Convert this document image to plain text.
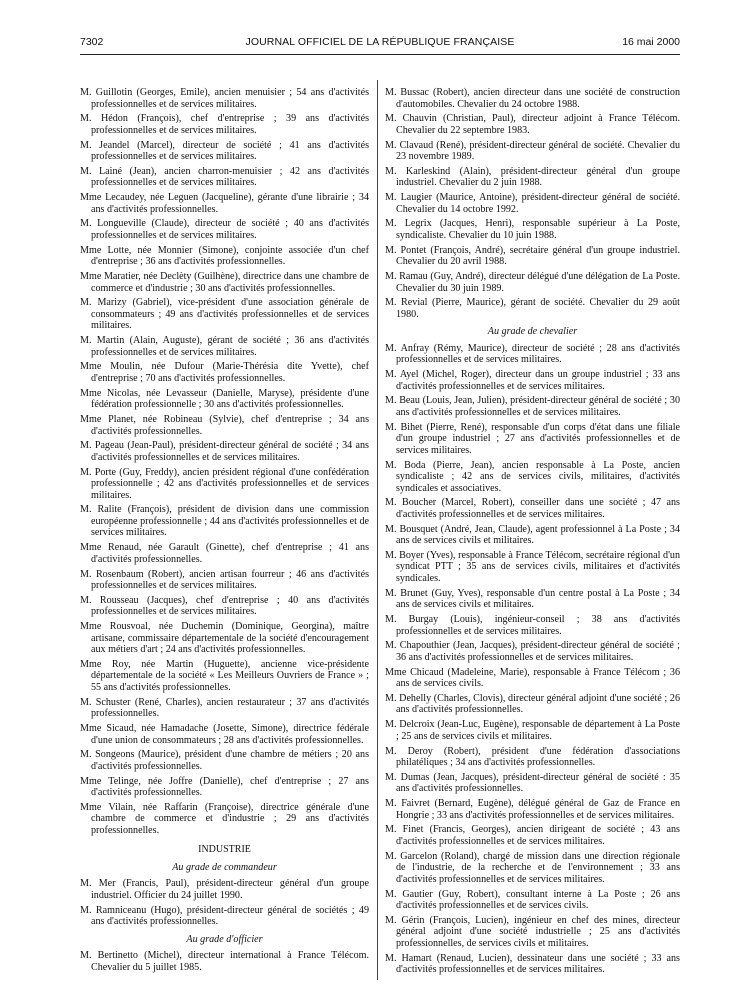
7302	JOURNAL OFFICIEL DE LA RÉPUBLIQUE FRANÇAISE	16 mai 2000

M. Guillotin (Georges, Emile), ancien menuisier ; 54 ans d'activités professionnelles et de services militaires.

M. Hédon (François), chef d'entreprise ; 39 ans d'activités professionnelles et de services militaires.

M. Jeandel (Marcel), directeur de société ; 41 ans d'activités professionnelles et de services militaires.

M. Lainé (Jean), ancien charron-menuisier ; 42 ans d'activités professionnelles et de services militaires.

Mme Lecaudey, née Leguen (Jacqueline), gérante d'une librairie ; 34 ans d'activités professionnelles.

M. Longueville (Claude), directeur de société ; 40 ans d'activités professionnelles et de services militaires.

Mme Lotte, née Monnier (Simone), conjointe associée d'un chef d'entreprise ; 36 ans d'activités professionnelles.

Mme Maratier, née Declèty (Guilhène), directrice dans une chambre de commerce et d'industrie ; 30 ans d'activités professionnelles.

M. Marizy (Gabriel), vice-président d'une association générale de consommateurs ; 49 ans d'activités professionnelles et de services militaires.

M. Martin (Alain, Auguste), gérant de société ; 36 ans d'activités professionnelles et de services militaires.

Mme Moulin, née Dufour (Marie-Thérésia dite Yvette), chef d'entreprise ; 70 ans d'activités professionnelles.

Mme Nicolas, née Levasseur (Danielle, Maryse), présidente d'une fédération professionnelle ; 30 ans d'activités professionnelles.

Mme Planet, née Robineau (Sylvie), chef d'entreprise ; 34 ans d'activités professionnelles.

M. Pageau (Jean-Paul), président-directeur général de société ; 34 ans d'activités professionnelles et de services militaires.

M. Porte (Guy, Freddy), ancien président régional d'une confédération professionnelle ; 42 ans d'activités professionnelles et de services militaires.

M. Ralite (François), président de division dans une commission européenne professionnelle ; 44 ans d'activités professionnelles et de services militaires.

Mme Renaud, née Garault (Ginette), chef d'entreprise ; 41 ans d'activités professionnelles.

M. Rosenbaum (Robert), ancien artisan fourreur ; 46 ans d'activités professionnelles et de services militaires.

M. Rousseau (Jacques), chef d'entreprise ; 40 ans d'activités professionnelles et de services militaires.

Mme Rousvoal, née Duchemin (Dominique, Georgina), maître artisane, commissaire départementale de la société d'encouragement aux métiers d'art ; 24 ans d'activités professionnelles.

Mme Roy, née Martin (Huguette), ancienne vice-présidente départementale de la société « Les Meilleurs Ouvriers de France » ; 55 ans d'activités professionnelles.

M. Schuster (René, Charles), ancien restaurateur ; 37 ans d'activités professionnelles.

Mme Sicaud, née Hamadache (Josette, Simone), directrice fédérale d'une union de consommateurs ; 28 ans d'activités professionnelles.

M. Songeons (Maurice), président d'une chambre de métiers ; 20 ans d'activités professionnelles.

Mme Telinge, née Joffre (Danielle), chef d'entreprise ; 27 ans d'activités professionnelles.

Mme Vilain, née Raffarin (Françoise), directrice générale d'une chambre de commerce et d'industrie ; 29 ans d'activités professionnelles.

INDUSTRIE
Au grade de commandeur

M. Mer (Francis, Paul), président-directeur général d'un groupe industriel. Officier du 24 juillet 1990.

M. Ramniceanu (Hugo), président-directeur général de sociétés ; 49 ans d'activités professionnelles.

Au grade d'officier

M. Bertinetto (Michel), directeur international à France Télécom. Chevalier du 5 juillet 1985.

M. Bussac (Robert), ancien directeur dans une société de construction d'automobiles. Chevalier du 24 octobre 1988.

M. Chauvin (Christian, Paul), directeur adjoint à France Télécom. Chevalier du 22 septembre 1983.

M. Clavaud (René), président-directeur général de société. Chevalier du 23 novembre 1989.

M. Karleskind (Alain), président-directeur général d'un groupe industriel. Chevalier du 2 juin 1988.

M. Laugier (Maurice, Antoine), président-directeur général de société. Chevalier du 14 octobre 1992.

M. Legrix (Jacques, Henri), responsable supérieur à La Poste, syndicaliste. Chevalier du 10 juin 1988.

M. Pontet (François, André), secrétaire général d'un groupe industriel. Chevalier du 20 avril 1988.

M. Ramau (Guy, André), directeur délégué d'une délégation de La Poste. Chevalier du 30 juin 1989.

M. Revial (Pierre, Maurice), gérant de société. Chevalier du 29 août 1980.

Au grade de chevalier

M. Anfray (Rémy, Maurice), directeur de société ; 28 ans d'activités professionnelles et de services militaires.

M. Ayel (Michel, Roger), directeur dans un groupe industriel ; 33 ans d'activités professionnelles et de services militaires.

M. Beau (Louis, Jean, Julien), président-directeur général de société ; 30 ans d'activités professionnelles et de services militaires.

M. Bihet (Pierre, René), responsable d'un corps d'état dans une filiale d'un groupe industriel ; 27 ans d'activités professionnelles et de services militaires.

M. Boda (Pierre, Jean), ancien responsable à La Poste, ancien syndicaliste ; 42 ans de services civils, militaires, d'activités syndicales et associatives.

M. Boucher (Marcel, Robert), conseiller dans une société ; 47 ans d'activités professionnelles et de services militaires.

M. Bousquet (André, Jean, Claude), agent professionnel à La Poste ; 34 ans de services civils et militaires.

M. Boyer (Yves), responsable à France Télécom, secrétaire régional d'un syndicat PTT ; 35 ans de services civils, militaires et d'activités syndicales.

M. Brunet (Guy, Yves), responsable d'un centre postal à La Poste ; 34 ans de services civils et militaires.

M. Burgay (Louis), ingénieur-conseil ; 38 ans d'activités professionnelles et de services militaires.

M. Chapouthier (Jean, Jacques), président-directeur général de société ; 36 ans d'activités professionnelles et de services militaires.

Mme Chicaud (Madeleine, Marie), responsable à France Télécom ; 36 ans de services civils.

M. Dehelly (Charles, Clovis), directeur général adjoint d'une société ; 26 ans d'activités professionnelles.

M. Delcroix (Jean-Luc, Eugène), responsable de département à La Poste ; 25 ans de services civils et militaires.

M. Deroy (Robert), président d'une fédération d'associations philatéliques ; 34 ans d'activités professionnelles.

M. Dumas (Jean, Jacques), président-directeur général de société : 35 ans d'activités professionnelles.

M. Faivret (Bernard, Eugène), délégué général de Gaz de France en Hongrie ; 33 ans d'activités professionnelles et de services militaires.

M. Finet (Francis, Georges), ancien dirigeant de société ; 43 ans d'activités professionnelles et de services militaires.

M. Garcelon (Roland), chargé de mission dans une direction régionale de l'industrie, de la recherche et de l'environnement ; 33 ans d'activités professionnelles et de services militaires.

M. Gautier (Guy, Robert), consultant interne à La Poste ; 26 ans d'activités professionnelles et de services civils.

M. Gérin (François, Lucien), ingénieur en chef des mines, directeur général adjoint d'une société industrielle ; 25 ans d'activités professionnelles, de services civils et militaires.

M. Hamart (Renaud, Lucien), dessinateur dans une société ; 33 ans d'activités professionnelles et de services militaires.
